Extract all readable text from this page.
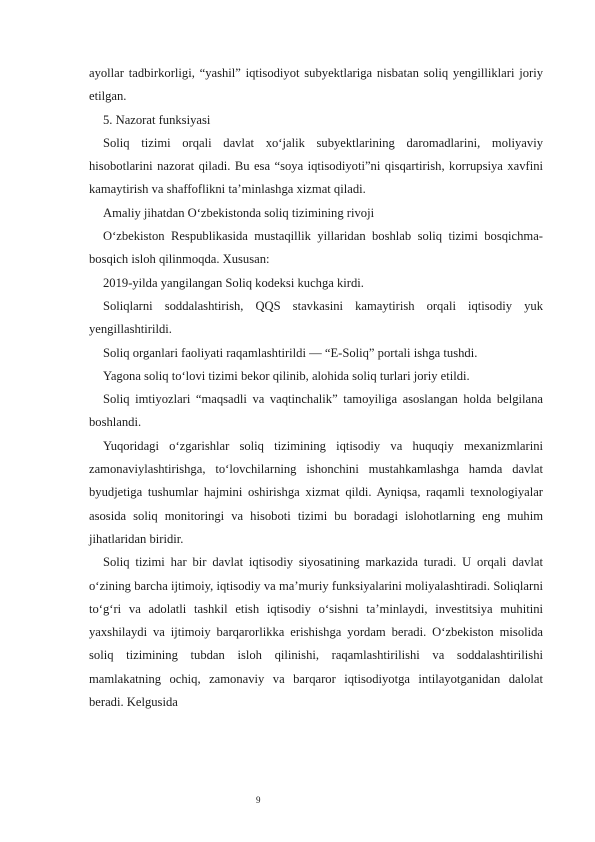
ayollar tadbirkorligi, “yashil” iqtisodiyot subyektlariga nisbatan soliq yengilliklari joriy etilgan.

5. Nazorat funksiyasi

Soliq tizimi orqali davlat xo‘jalik subyektlarining daromadlarini, moliyaviy hisobotlarini nazorat qiladi. Bu esa “soya iqtisodiyoti”ni qisqartirish, korrupsiya xavfini kamaytirish va shaffoflikni ta’minlashga xizmat qiladi.

Amaliy jihatdan O‘zbekistonda soliq tizimining rivoji

O‘zbekiston Respublikasida mustaqillik yillaridan boshlab soliq tizimi bosqichma-bosqich isloh qilinmoqda. Xususan:

2019-yilda yangilangan Soliq kodeksi kuchga kirdi.

Soliqlarni soddalashtirish, QQS stavkasini kamaytirish orqali iqtisodiy yuk yengillashtirildi.

Soliq organlari faoliyati raqamlashtirildi — “E-Soliq” portali ishga tushdi.

Yagona soliq to‘lovi tizimi bekor qilinib, alohida soliq turlari joriy etildi.

Soliq imtiyozlari “maqsadli va vaqtinchalik” tamoyiliga asoslangan holda belgilana boshlandi.

Yuqoridagi o‘zgarishlar soliq tizimining iqtisodiy va huquqiy mexanizmlarini zamonaviylashtirishga, to‘lovchilarning ishonchini mustahkamlashga hamda davlat byudjetiga tushumlar hajmini oshirishga xizmat qildi. Ayniqsa, raqamli texnologiyalar asosida soliq monitoringi va hisoboti tizimi bu boradagi islohotlarning eng muhim jihatlaridan biridir.

Soliq tizimi har bir davlat iqtisodiy siyosatining markazida turadi. U orqali davlat o‘zining barcha ijtimoiy, iqtisodiy va ma’muriy funksiyalarini moliyalashtiradi. Soliqlarni to‘g‘ri va adolatli tashkil etish iqtisodiy o‘sishni ta’minlaydi, investitsiya muhitini yaxshilaydi va ijtimoiy barqarorlikka erishishga yordam beradi. O‘zbekiston misolida soliq tizimining tubdan isloh qilinishi, raqamlashtirilishi va soddalashtirilishi mamlakatning ochiq, zamonaviy va barqaror iqtisodiyotga intilayotganidan dalolat beradi. Kelgusida

9
